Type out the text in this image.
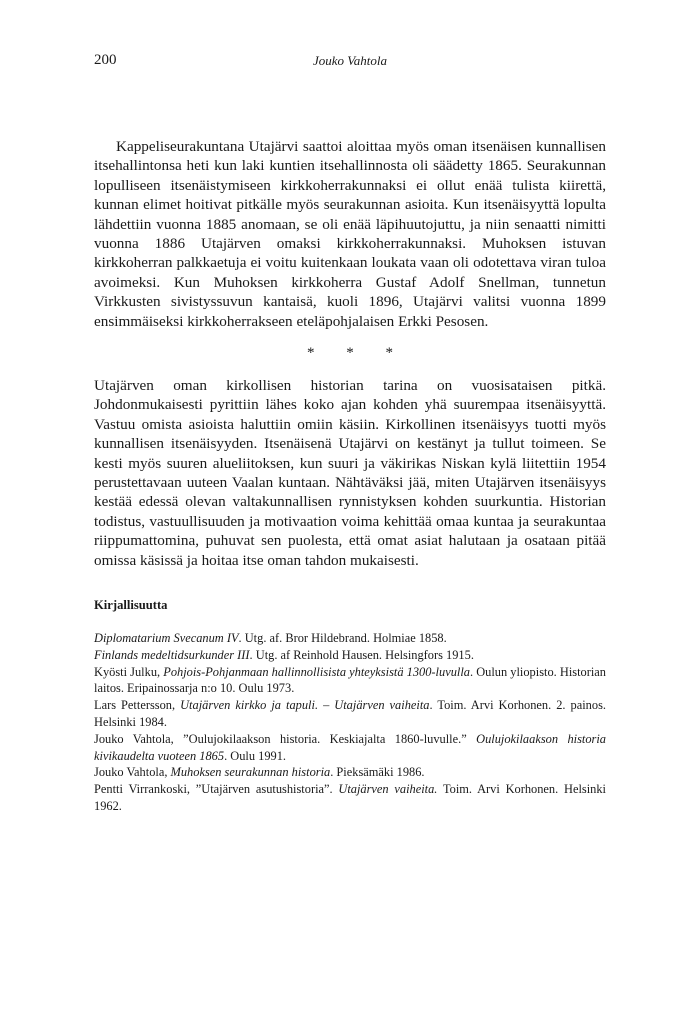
200	Jouko Vahtola

Kappeliseurakuntana Utajärvi saattoi aloittaa myös oman itsenäisen kunnallisen itsehallintonsa heti kun laki kuntien itsehallinnosta oli säädetty 1865. Seurakunnan lopulliseen itsenäistymiseen kirkkoherrakunnaksi ei ollut enää tulista kiirettä, kunnan elimet hoitivat pitkälle myös seurakunnan asioita. Kun itsenäisyyttä lopulta lähdettiin vuonna 1885 anomaan, se oli enää läpihuutojuttu, ja niin senaatti nimitti vuonna 1886 Utajärven omaksi kirkkoherrakunnaksi. Muhoksen istuvan kirkkoherran palkkaetuja ei voitu kuitenkaan loukata vaan oli odotettava viran tuloa avoimeksi. Kun Muhoksen kirkkoherra Gustaf Adolf Snellman, tunnetun Virkkusten sivistyssuvun kantaisä, kuoli 1896, Utajärvi valitsi vuonna 1899 ensimmäiseksi kirkkoherrakseen eteläpohjalaisen Erkki Pesosen.

* * *

Utajärven oman kirkollisen historian tarina on vuosisataisen pitkä. Johdonmukaisesti pyrittiin lähes koko ajan kohden yhä suurempaa itsenäisyyttä. Vastuu omista asioista haluttiin omiin käsiin. Kirkollinen itsenäisyys tuotti myös kunnallisen itsenäisyyden. Itsenäisenä Utajärvi on kestänyt ja tullut toimeen. Se kesti myös suuren alueliitoksen, kun suuri ja väkirikas Niskan kylä liitettiin 1954 perustettavaan uuteen Vaalan kuntaan. Nähtäväksi jää, miten Utajärven itsenäisyys kestää edessä olevan valtakunnallisen rynnistyksen kohden suurkuntia. Historian todistus, vastuullisuuden ja motivaation voima kehittää omaa kuntaa ja seurakuntaa riippumattomina, puhuvat sen puolesta, että omat asiat halutaan ja osataan pitää omissa käsissä ja hoitaa itse oman tahdon mukaisesti.

Kirjallisuutta
Diplomatarium Svecanum IV. Utg. af. Bror Hildebrand. Holmiae 1858.
Finlands medeltidsurkunder III. Utg. af Reinhold Hausen. Helsingfors 1915.
Kyösti Julku, Pohjois-Pohjanmaan hallinnollisista yhteyksistä 1300-luvulla. Oulun yliopisto. Historian laitos. Eripainossarja n:o 10. Oulu 1973.
Lars Pettersson, Utajärven kirkko ja tapuli. – Utajärven vaiheita. Toim. Arvi Korhonen. 2. painos. Helsinki 1984.
Jouko Vahtola, ”Oulujokilaakson historia. Keskiajalta 1860-luvulle.” Oulujokilaakson historia kivikaudelta vuoteen 1865. Oulu 1991.
Jouko Vahtola, Muhoksen seurakunnan historia. Pieksämäki 1986.
Pentti Virrankoski, ”Utajärven asutushistoria”. Utajärven vaiheita. Toim. Arvi Korhonen. Helsinki 1962.
